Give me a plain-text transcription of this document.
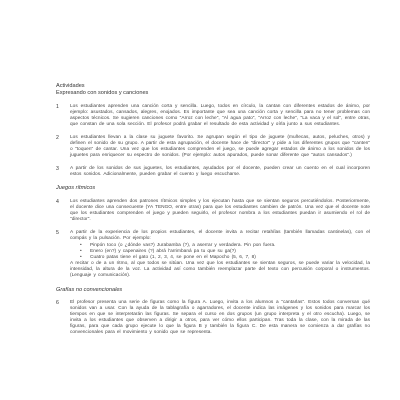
Actividades
Expresando con sonidos y canciones
1	Los estudiantes aprenden una canción corta y sencilla. Luego, todos en círculo, la cantan con diferentes estados de ánimo, por ejemplo: asustados, cansados, alegres, enojados. Es importante que sea una canción corta y sencilla para no tener problemas con aspectos técnicos. Se sugieren canciones como "Arroz con leche", "Al agua pato", "Arroz con leche", "La vaca y el sol", entre otras, que constan de una sola sección. El profesor podrá grabar el resultado de esta actividad y oírla junto a sus estudiantes.
2	Los estudiantes llevan a la clase su juguete favorito. Se agrupan según el tipo de juguete (muñecas, autos, peluches, otros) y definen el sonido de su grupo. A partir de esta agrupación, el docente hace de "director" y pide a los diferentes grupos que "canten" o "toquen" de cantar. Una vez que los estudiantes comprenden el juego, se puede agregar estados de ánimo a los sonidos de los juguetes para enriquecer su espectro de sonidos. (Por ejemplo: autos apurados, puede sonar diferente que "autos cansados".)
3	A partir de los sonidos de sus juguetes, los estudiantes, ayudados por el docente, pueden crear un cuento en el cual incorporen estos sonidos. Adicionalmente, pueden grabar el cuento y luego escucharse.
Juegos rítmicos
4	Los estudiantes aprenden dos patrones rítmicos simples y los ejecutan hasta que se sientan seguros percutiéndolos. Posteriormente, el docente dice una consecuente (YA TENGO, entre otras) para que los estudiantes cambien de patrón. Una vez que el docente note que los estudiantes comprenden el juego y pueden seguirlo, el profesor nombra a los estudiantes puedan ir asumiendo el rol de "director".
5	A partir de la experiencia de los propios estudiantes, el docente invita a recitar retahílas (también llamadas cantinelas), con el compás y la pulsación. Por ejemplo:
• Pinpón toco (o ¿dónde vas?) Jurabamba (?), a aserrar y verdadera. Pin pon fuera.
• Enero (en?) y capenaires (?) abrá l'arrimbaná pa tu que su ga(?)
• Cuatro patas tiene el gato (1, 2, 3, 4, se pone en el Mapocho (5, 6, 7, 8)
A recitar o de a un ritmo, al que todos se sitúan. Una vez que los estudiantes se sientan seguros, se puede variar la velocidad, la intensidad, la altura de la voz. La actividad así como también reemplazar parte del texto con percusión corporal o instrumentos. (Lenguaje y comunicación).
Grafías no convencionales
6	El profesor presenta una serie de figuras como la figura A. Luego, invita a los alumnos a "cantarlas". Estos todos conversan qué sonidos van a usar. Con la ayuda de la tablagrafía o agarradores, el docente indica las imágenes y los sonidos para marcar los tiempos en que se interpretarán las figuras. Se separa el curso en dos grupos (un grupo interpreta y el otro escucha). Luego, se invita a los estudiantes que observen a dirigir a otros, para ver cómo ellos participan. Tras toda la clase, con la mirada de las figuras, para que cada grupo ejecute lo que la figura B y también la figura C. De esta manera se comienza a dar grafías no convencionales para el movimiento y sonido que se representa.
